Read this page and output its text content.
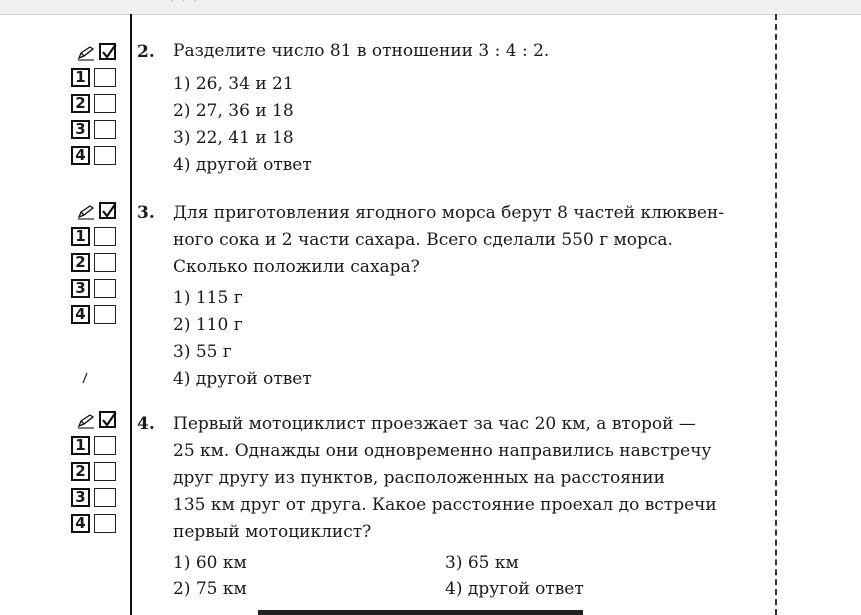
· · ·
1
2
3
4
2. Разделите число 81 в отношении 3 : 4 : 2.
1) 26, 34 и 21
2) 27, 36 и 18
3) 22, 41 и 18
4) другой ответ
1
2
3
4
3. Для приготовления ягодного морса берут 8 частей клюквен-
ного сока и 2 части сахара. Всего сделали 550 г морса.
Сколько положили сахара?
1) 115 г
2) 110 г
3) 55 г
4) другой ответ
1
2
3
4
4. Первый мотоциклист проезжает за час 20 км, а второй —
25 км. Однажды они одновременно направились навстречу
друг другу из пунктов, расположенных на расстоянии
135 км друг от друга. Какое расстояние проехал до встречи
первый мотоциклист?
1) 60 км	3) 65 км
2) 75 км	4) другой ответ
